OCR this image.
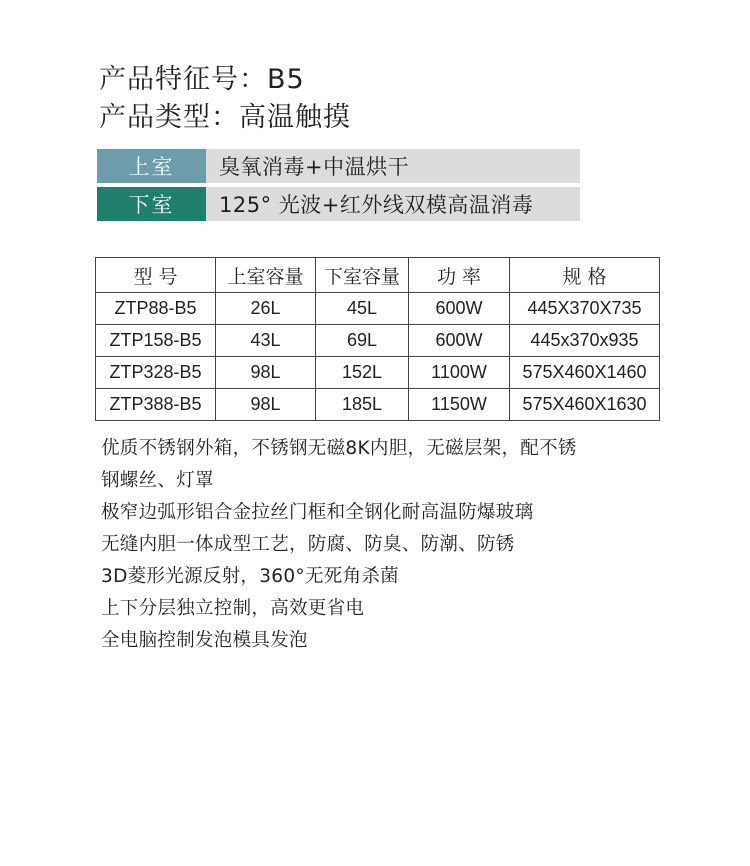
产品特征号：B5
产品类型：高温触摸
上室	臭氧消毒+中温烘干
下室	125° 光波+红外线双模高温消毒
型 号	上室容量	下室容量	功 率	规 格
ZTP88-B5	26L	45L	600W	445X370X735
ZTP158-B5	43L	69L	600W	445x370x935
ZTP328-B5	98L	152L	1100W	575X460X1460
ZTP388-B5	98L	185L	1150W	575X460X1630
优质不锈钢外箱，不锈钢无磁8K内胆，无磁层架，配不锈
钢螺丝、灯罩
极窄边弧形铝合金拉丝门框和全钢化耐高温防爆玻璃
无缝内胆一体成型工艺，防腐、防臭、防潮、防锈
3D菱形光源反射，360°无死角杀菌
上下分层独立控制，高效更省电
全电脑控制发泡模具发泡
